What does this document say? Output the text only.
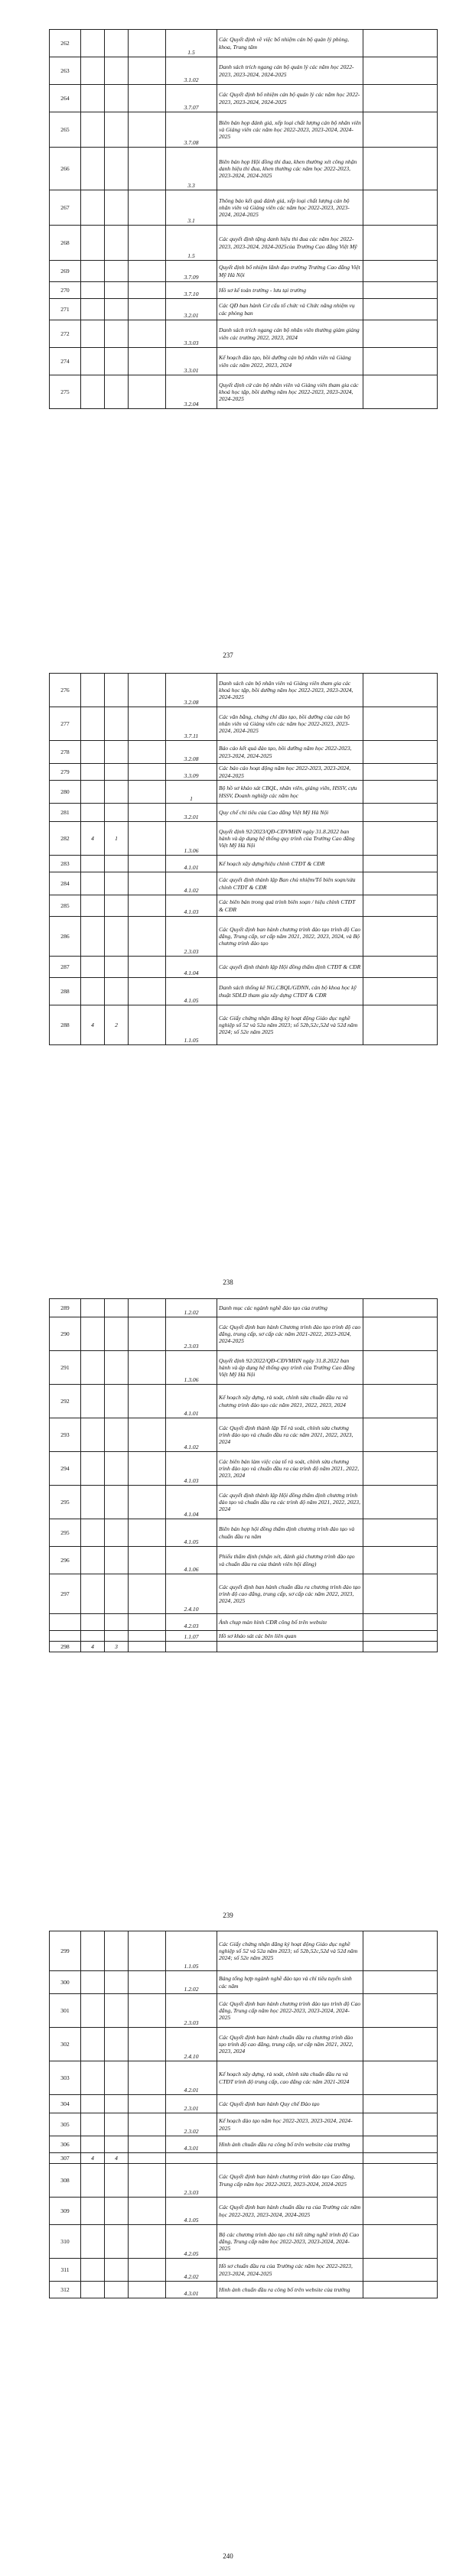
262				1.5	Các Quyết định về việc bổ nhiệm cán bộ quản lý phòng, khoa, Trung tâm	
263				3.1.02	Danh sách trích ngang cán bộ quản lý các năm học 2022-2023, 2023-2024, 2024-2025	
264				3.7.07	Các Quyết định bổ nhiệm cán bộ quản lý các năm học 2022-2023, 2023-2024, 2024-2025	
265				3.7.08	Biên bản họp đánh giá, xếp loại chất lượng cán bộ nhân viên và Giảng viên các năm học 2022-2023, 2023-2024, 2024-2025	
266				3.3	Biên bản họp Hội đồng thi đua, khen thưởng xét công nhận danh hiệu thi đua, khen thưởng các năm học 2022-2023, 2023-2024, 2024-2025	
267				3.1	Thông báo kết quả đánh giá, xếp loại chất lượng cán bộ nhân viên và Giảng viên các năm học 2022-2023, 2023-2024, 2024-2025	
268				1.5	Các quyết định tặng danh hiệu thi đua các năm học 2022-2023, 2023-2024, 2024-2025của Trường Cao đẳng Việt Mỹ	
269				3.7.09	Quyết định bổ nhiệm lãnh đạo trường Trường Cao đẳng Việt Mỹ Hà Nội	
270				3.7.10	Hồ sơ kế toán trường - lưu tại trường	
271				3.2.01	Các QĐ ban hành Cơ cấu tổ chức và Chức năng nhiệm vụ các phòng ban	
272				3.3.03	Danh sách trích ngang cán bộ nhân viên thường giảm giảng viên các trường 2022, 2023, 2024	
274				3.3.01	Kế hoạch đào tạo, bồi dưỡng cán bộ nhân viên và Giảng viên các năm 2022, 2023, 2024	
275				3.2.04	Quyết định cử cán bộ nhân viên và Giảng viên tham gia các khoá học tập, bồi dưỡng năm học 2022-2023, 2023-2024, 2024-2025	
237
276				3.2.08	Danh sách cán bộ nhân viên và Giảng viên tham gia các khoá học tập, bồi dưỡng năm học 2022-2023, 2023-2024, 2024-2025	
277				3.7.11	Các văn bằng, chứng chỉ đào tạo, bồi dưỡng của cán bộ nhân viên và Giảng viên các năm học 2022-2023, 2023-2024, 2024-2025	
278				3.2.08	Báo cáo kết quả đào tạo, bồi dưỡng năm học 2022-2023, 2023-2024, 2024-2025	
279				3.3.09	Các báo cáo hoạt động năm học 2022-2023, 2023-2024, 2024-2025	
280				1	Bộ hồ sơ khảo sát CBQL, nhân viên, giảng viên, HSSV, cựu HSSV, Doanh nghiệp các năm học	
281				3.2.01	Quy chế chi tiêu của Cao đẳng Việt Mỹ Hà Nội	
282	4	1		1.3.06	Quyết định 92/2023/QĐ-CĐVMHN ngày 31.8.2022 ban hành và áp dụng hệ thống quy trình của Trường Cao đẳng Việt Mỹ Hà Nội	
283				4.1.01	Kế hoạch xây dựng/hiệu chỉnh CTĐT & CĐR	
284				4.1.02	Các quyết định thành lập Ban chủ nhiệm/Tổ biên soạn/sửa chỉnh CTĐT & CĐR	
285				4.1.03	Các biên bản trong quá trình biên soạn / hiệu chỉnh CTĐT & CĐR	
286				2.3.03	Các Quyết định ban hành chương trình đào tạo trình độ Cao đẳng, Trung cấp, sơ cấp năm 2021, 2022, 2023, 2024, và Bộ chương trình đào tạo	
287				4.1.04	Các quyết định thành lập Hội đồng thẩm định CTĐT & CĐR	
288				4.1.05	Danh sách thống kê NG,CBQL/GDNN, cán bộ khoa học kỹ thuật SDLD tham gia xây dựng CTĐT & CĐR	
288	4	2		1.1.05	Các Giấy chứng nhận đăng ký hoạt động Giáo dục nghề nghiệp số 52 và 52a năm 2023; số 52b,52c,52d và 52đ năm 2024; số 52e năm 2025	
238
289				1.2.02	Danh mục các ngành nghề đào tạo của trường	
290				2.3.03	Các Quyết định ban hành Chương trình đào tạo trình độ cao đẳng, trung cấp, sơ cấp các năm 2021-2022, 2023-2024, 2024-2025	
291				1.3.06	Quyết định 92/2022/QĐ-CĐVMHN ngày 31.8.2022 ban hành và áp dụng hệ thống quy trình của Trường Cao đẳng Việt Mỹ Hà Nội	
292				4.1.01	Kế hoạch xây dựng, rà soát, chỉnh sửa chuẩn đầu ra và chương trình đào tạo các năm 2021, 2022, 2023, 2024	
293				4.1.02	Các Quyết định thành lập Tổ rà soát, chỉnh sửa chương trình đào tạo và chuẩn đầu ra các năm 2021, 2022, 2023, 2024	
294				4.1.03	Các biên bản làm việc của tổ rà soát, chỉnh sửa chương trình đào tạo và chuẩn đầu ra của trình độ năm 2021, 2022, 2023, 2024	
295				4.1.04	Các quyết định thành lập Hội đồng thẩm định chương trình đào tạo và chuẩn đầu ra các trình độ năm 2021, 2022, 2023, 2024	
295				4.1.05	Biên bản họp hội đồng thẩm định chương trình đào tạo và chuẩn đầu ra năm	
296				4.1.06	Phiếu thẩm định (nhận xét, đánh giá chương trình đào tạo và chuẩn đầu ra của thành viên hội đồng)	
297				2.4.10	Các quyết định ban hành chuẩn đầu ra chương trình đào tạo trình độ cao đẳng, trung cấp, sơ cấp các năm 2022, 2023, 2024, 2025	
				4.2.03	Ảnh chụp màn hình CĐR công bố trên website	
				1.1.07	Hồ sơ khảo sát các bên liên quan	
298	4	3				
239
299				1.1.05	Các Giấy chứng nhận đăng ký hoạt động Giáo dục nghề nghiệp số 52 và 52a năm 2023; số 52b,52c,52d và 52đ năm 2024; số 52e năm 2025	
300				1.2.02	Bảng tổng hợp ngành nghề đào tạo và chỉ tiêu tuyển sinh các năm	
301				2.3.03	Các Quyết định ban hành chương trình đào tạo trình độ Cao đẳng, Trung cấp năm học 2022-2023, 2023-2024, 2024-2025	
302				2.4.10	Các Quyết định ban hành chuẩn đầu ra chương trình đào tạo trình độ cao đẳng, trung cấp, sơ cấp năm 2021, 2022, 2023, 2024	
303				4.2.01	Kế hoạch xây dựng, rà soát, chỉnh sửa chuẩn đầu ra và CTĐT trình độ trung cấp, cao đẳng các năm 2021-2024	
304				2.3.01	Các Quyết định ban hành Quy chế Đào tạo	
305				2.3.02	Kế hoạch đào tạo năm học 2022-2023, 2023-2024, 2024-2025	
306				4.3.01	Hình ảnh chuẩn đầu ra công bố trên website của trường	
307	4	4				
308				2.3.03	Các Quyết định ban hành chương trình đào tạo Cao đẳng, Trung cấp năm học 2022-2023, 2023-2024, 2024-2025	
309				4.1.05	Các Quyết định ban hành chuẩn đầu ra của Trường các năm học 2022-2023, 2023-2024, 2024-2025	
310				4.2.05	Bộ các chương trình đào tạo chi tiết từng nghề trình độ Cao đẳng, Trung cấp năm học 2022-2023, 2023-2024, 2024-2025	
311				4.2.02	Hồ sơ chuẩn đầu ra của Trường các năm học 2022-2023, 2023-2024, 2024-2025	
312				4.3.01	Hình ảnh chuẩn đầu ra công bố trên website của trường	
240
